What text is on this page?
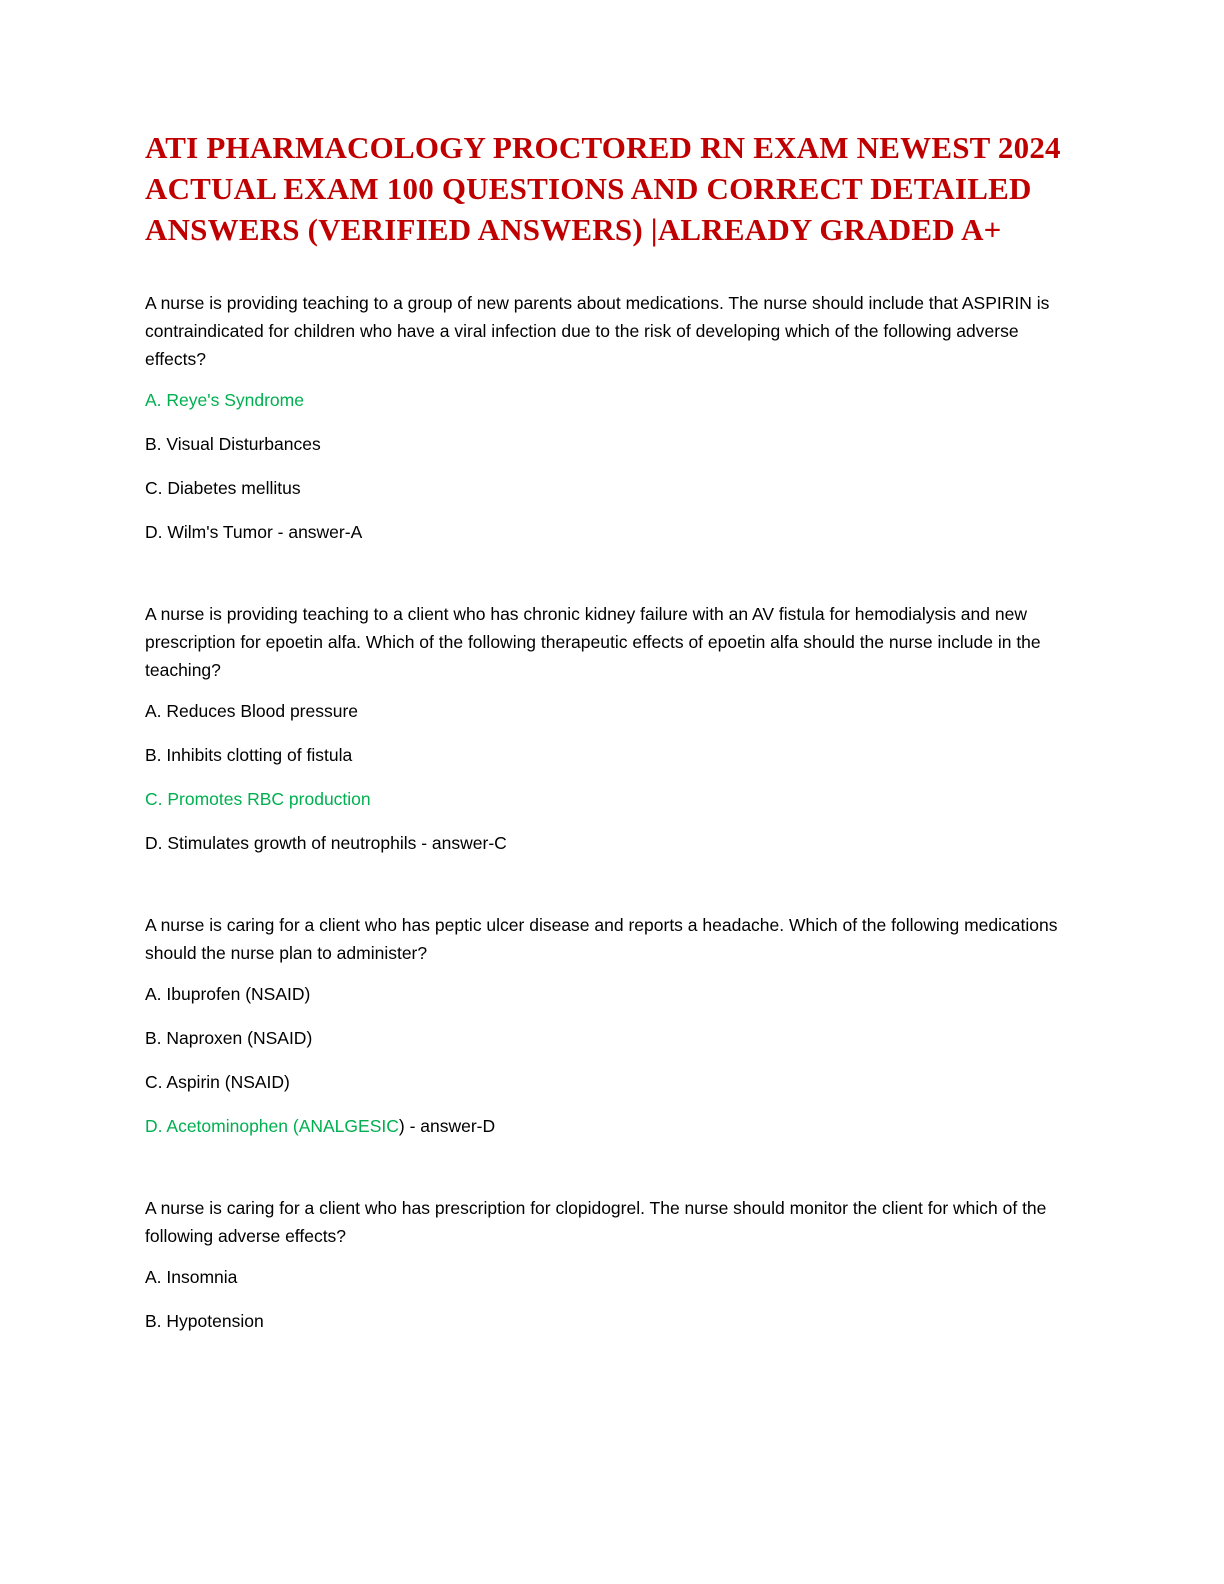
ATI PHARMACOLOGY PROCTORED RN EXAM NEWEST 2024 ACTUAL EXAM 100 QUESTIONS AND CORRECT DETAILED ANSWERS (VERIFIED ANSWERS) |ALREADY GRADED A+

A nurse is providing teaching to a group of new parents about medications. The nurse should include that ASPIRIN is contraindicated for children who have a viral infection due to the risk of developing which of the following adverse effects?

A. Reye's Syndrome

B. Visual Disturbances

C. Diabetes mellitus

D. Wilm's Tumor - answer-A

A nurse is providing teaching to a client who has chronic kidney failure with an AV fistula for hemodialysis and new prescription for epoetin alfa. Which of the following therapeutic effects of epoetin alfa should the nurse include in the teaching?

A. Reduces Blood pressure

B. Inhibits clotting of fistula

C. Promotes RBC production

D. Stimulates growth of neutrophils - answer-C

A nurse is caring for a client who has peptic ulcer disease and reports a headache. Which of the following medications should the nurse plan to administer?

A. Ibuprofen (NSAID)

B. Naproxen (NSAID)

C. Aspirin (NSAID)

D. Acetominophen (ANALGESIC) - answer-D

A nurse is caring for a client who has prescription for clopidogrel. The nurse should monitor the client for which of the following adverse effects?

A. Insomnia

B. Hypotension
